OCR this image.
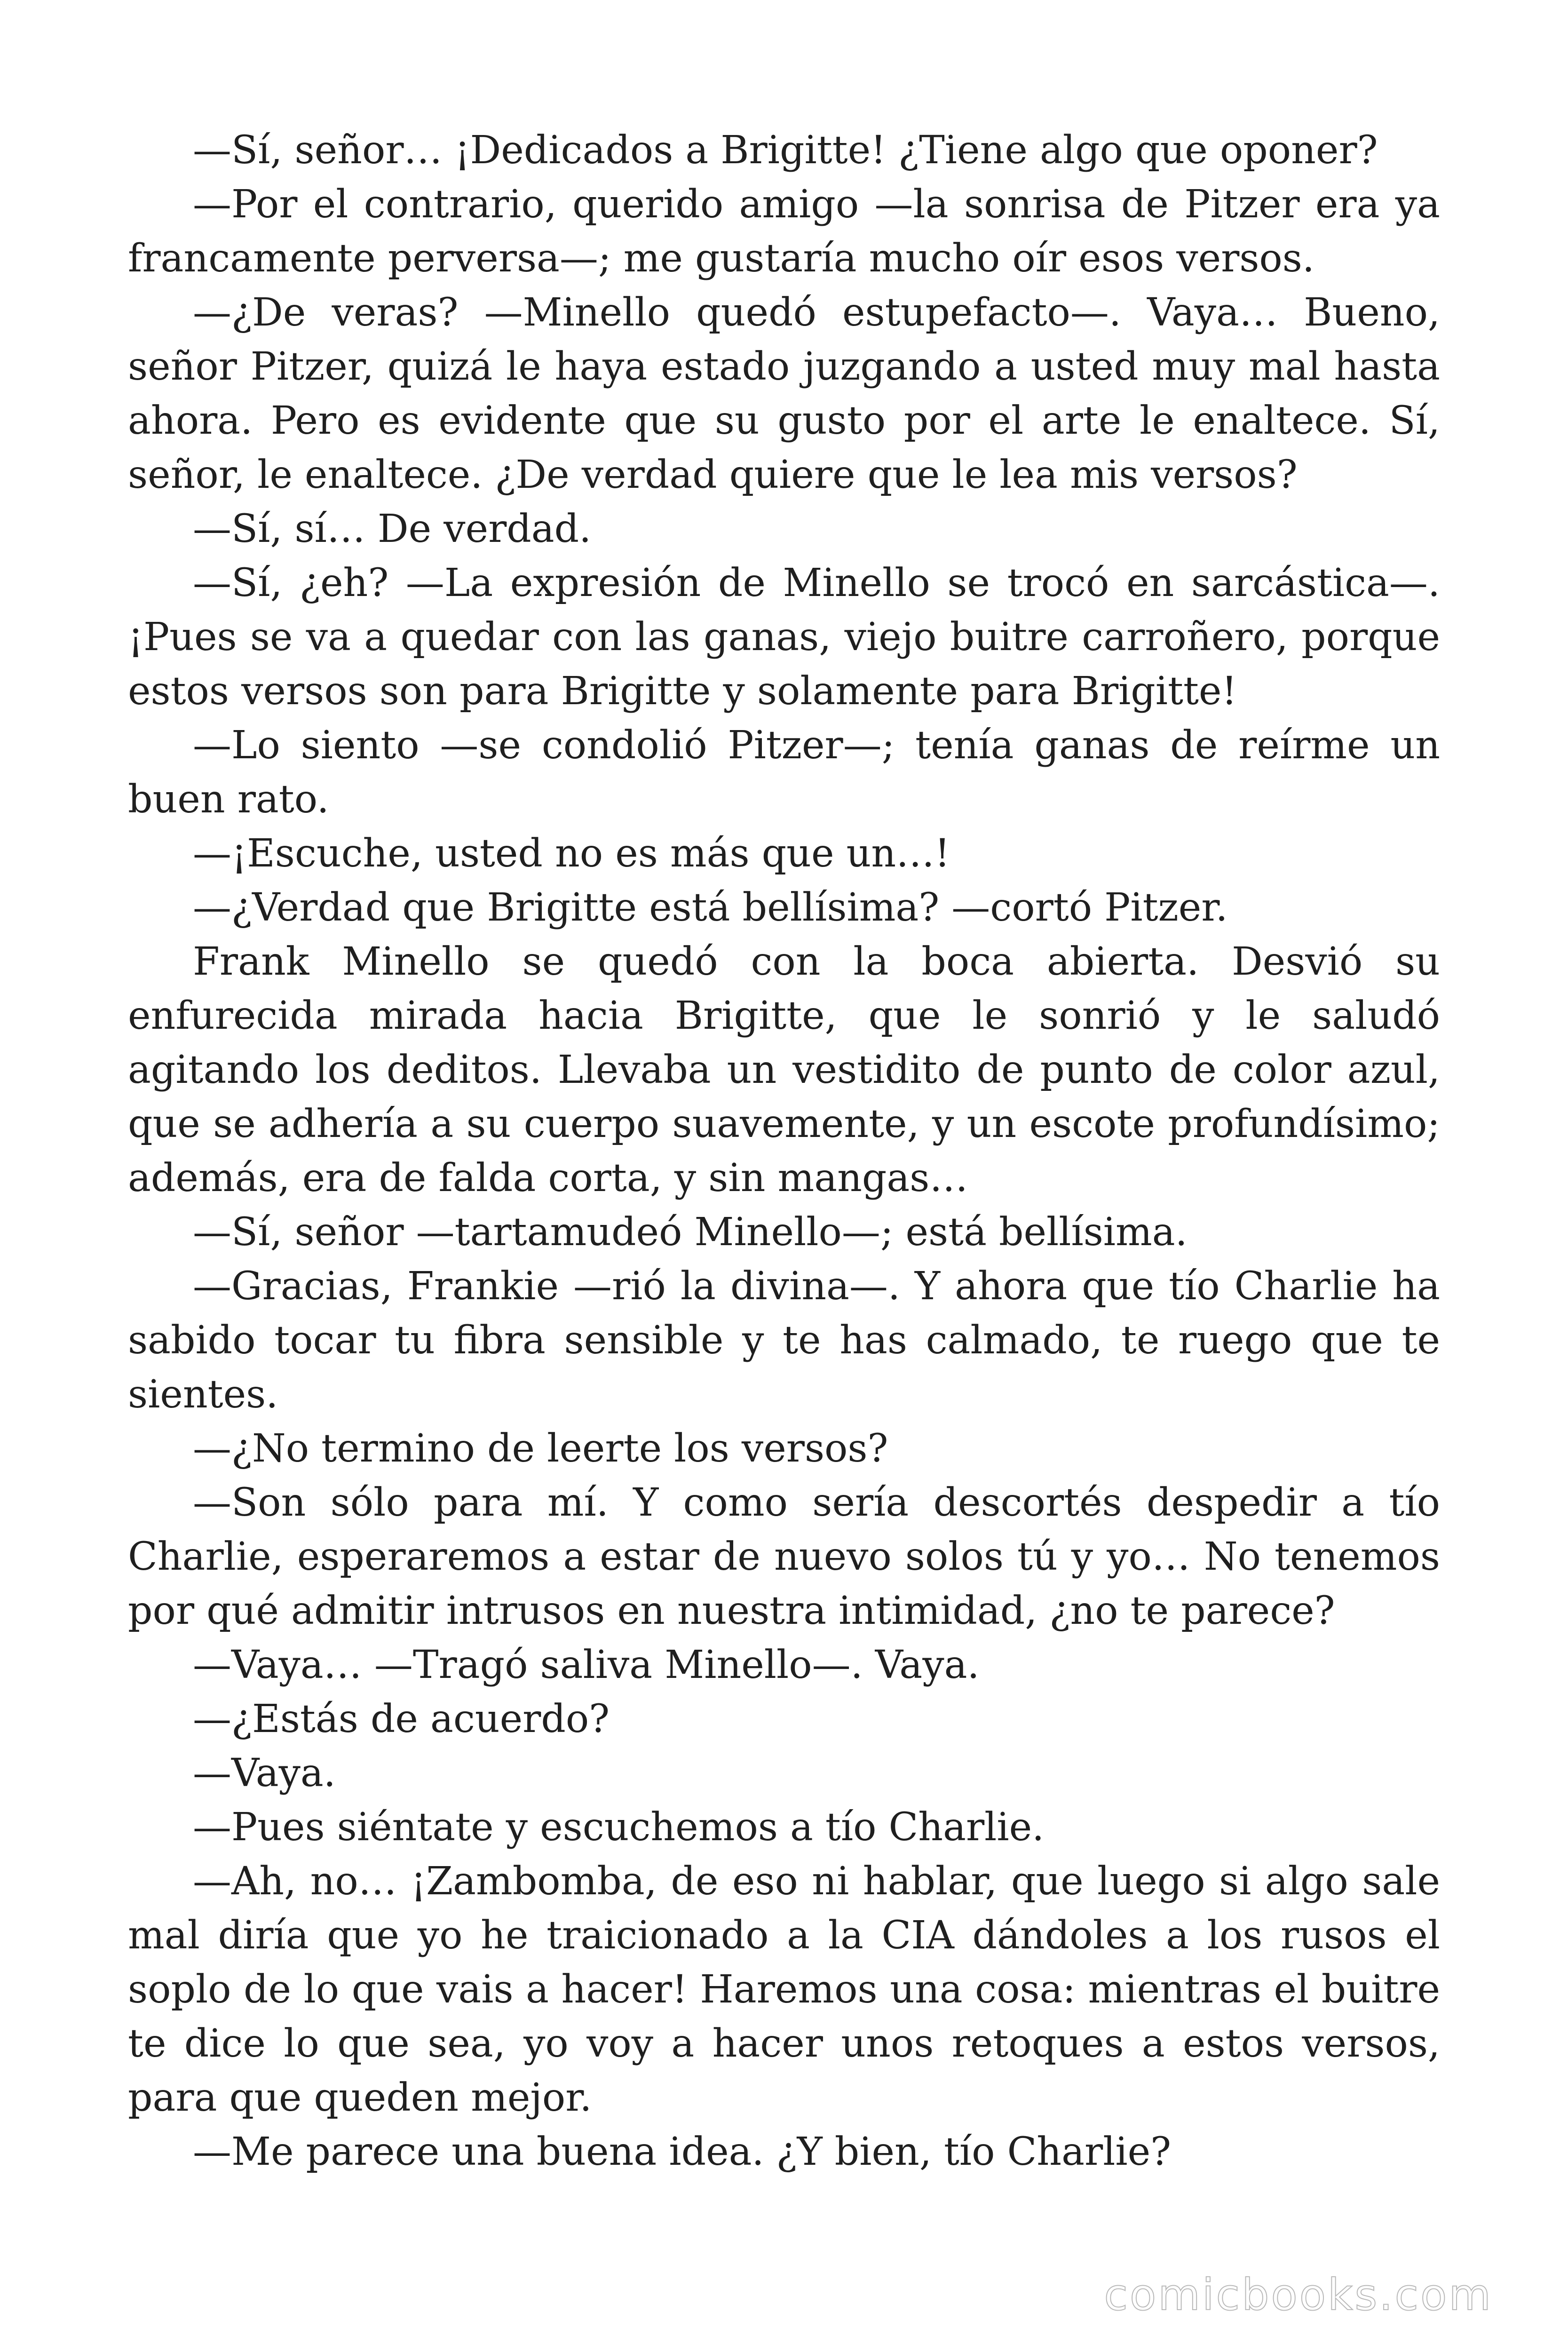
—Sí, señor… ¡Dedicados a Brigitte! ¿Tiene algo que oponer?

—Por el contrario, querido amigo —la sonrisa de Pitzer era ya francamente perversa—; me gustaría mucho oír esos versos.

—¿De veras? —Minello quedó estupefacto—. Vaya… Bueno, señor Pitzer, quizá le haya estado juzgando a usted muy mal hasta ahora. Pero es evidente que su gusto por el arte le enaltece. Sí, señor, le enaltece. ¿De verdad quiere que le lea mis versos?

—Sí, sí… De verdad.

—Sí, ¿eh? —La expresión de Minello se trocó en sarcástica—. ¡Pues se va a quedar con las ganas, viejo buitre carroñero, porque estos versos son para Brigitte y solamente para Brigitte!

—Lo siento —se condolió Pitzer—; tenía ganas de reírme un buen rato.

—¡Escuche, usted no es más que un…!

—¿Verdad que Brigitte está bellísima? —cortó Pitzer.

Frank Minello se quedó con la boca abierta. Desvió su enfurecida mirada hacia Brigitte, que le sonrió y le saludó agitando los deditos. Llevaba un vestidito de punto de color azul, que se adhería a su cuerpo suavemente, y un escote profundísimo; además, era de falda corta, y sin mangas…

—Sí, señor —tartamudeó Minello—; está bellísima.

—Gracias, Frankie —rió la divina—. Y ahora que tío Charlie ha sabido tocar tu fibra sensible y te has calmado, te ruego que te sientes.

—¿No termino de leerte los versos?

—Son sólo para mí. Y como sería descortés despedir a tío Charlie, esperaremos a estar de nuevo solos tú y yo… No tenemos por qué admitir intrusos en nuestra intimidad, ¿no te parece?

—Vaya… —Tragó saliva Minello—. Vaya.

—¿Estás de acuerdo?

—Vaya.

—Pues siéntate y escuchemos a tío Charlie.

—Ah, no… ¡Zambomba, de eso ni hablar, que luego si algo sale mal diría que yo he traicionado a la CIA dándoles a los rusos el soplo de lo que vais a hacer! Haremos una cosa: mientras el buitre te dice lo que sea, yo voy a hacer unos retoques a estos versos, para que queden mejor.

—Me parece una buena idea. ¿Y bien, tío Charlie?

comicbooks.com
